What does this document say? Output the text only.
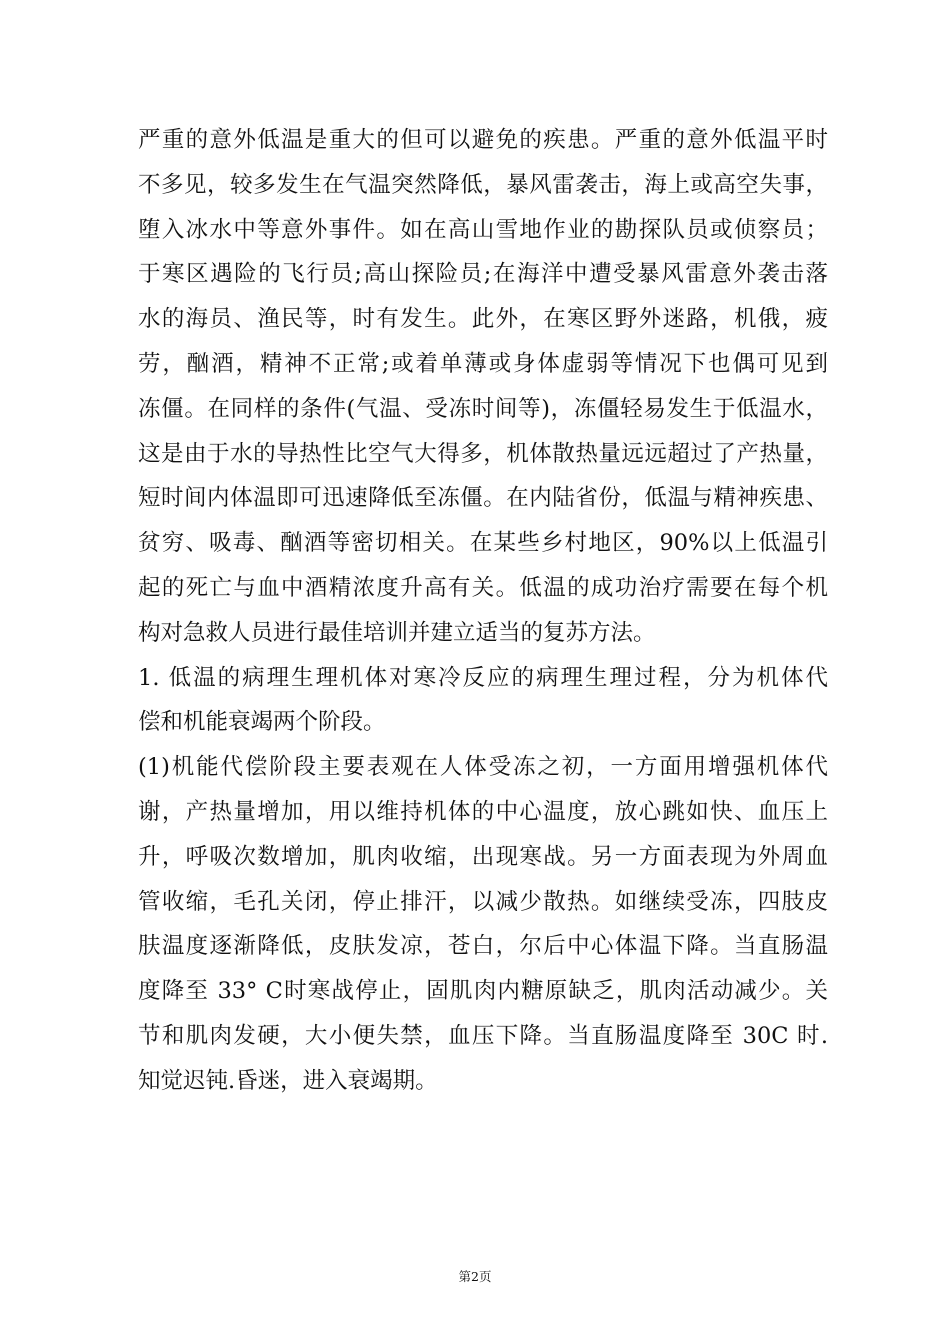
严重的意外低温是重大的但可以避免的疾患。严重的意外低温平时
不多见，较多发生在气温突然降低，暴风雷袭击，海上或高空失事，
堕入冰水中等意外事件。如在高山雪地作业的勘探队员或侦察员；
于寒区遇险的飞行员;高山探险员;在海洋中遭受暴风雷意外袭击落
水的海员、渔民等，时有发生。此外，在寒区野外迷路，机俄，疲
劳，酗酒，精神不正常;或着单薄或身体虚弱等情况下也偶可见到
冻僵。在同样的条件(气温、受冻时间等)，冻僵轻易发生于低温水，
这是由于水的导热性比空气大得多，机体散热量远远超过了产热量，
短时间内体温即可迅速降低至冻僵。在内陆省份，低温与精神疾患、
贫穷、吸毒、酗酒等密切相关。在某些乡村地区，90%以上低温引
起的死亡与血中酒精浓度升高有关。低温的成功治疗需要在每个机
构对急救人员进行最佳培训并建立适当的复苏方法。
1. 低温的病理生理机体对寒冷反应的病理生理过程，分为机体代
偿和机能衰竭两个阶段。
(1)机能代偿阶段主要表观在人体受冻之初，一方面用增强机体代
谢，产热量增加，用以维持机体的中心温度，放心跳如快、血压上
升，呼吸次数增加，肌肉收缩，出现寒战。另一方面表现为外周血
管收缩，毛孔关闭，停止排汗，以减少散热。如继续受冻，四肢皮
肤温度逐渐降低，皮肤发凉，苍白，尔后中心体温下降。当直肠温
度降至 33° C时寒战停止，固肌肉内糖原缺乏，肌肉活动减少。关
节和肌肉发硬，大小便失禁，血压下降。当直肠温度降至 30C 时.
知觉迟钝.昏迷，进入衰竭期。
第2页
